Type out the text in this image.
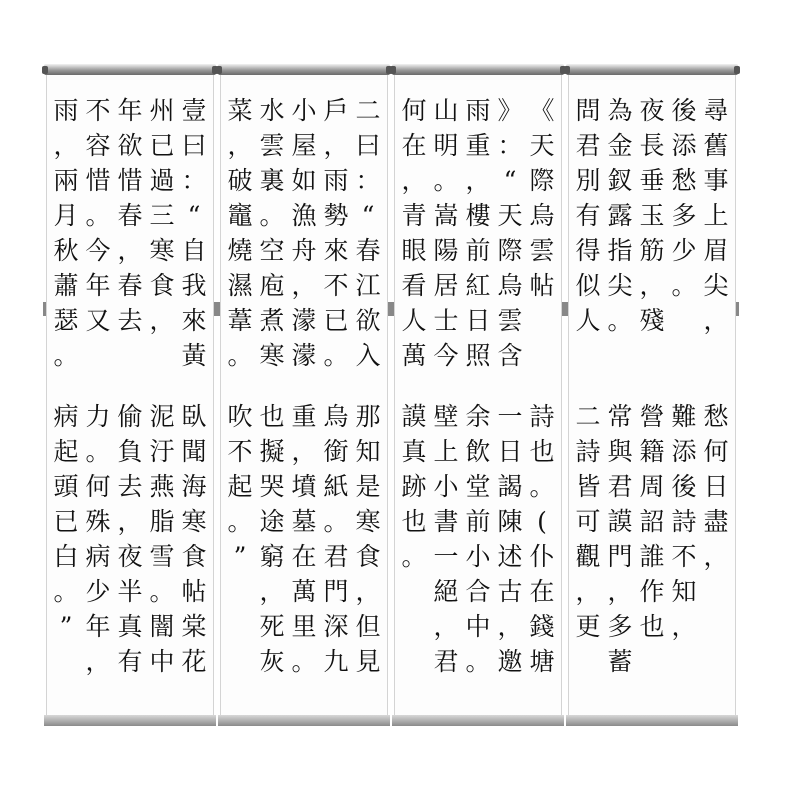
壹
曰
：
“
自
我
來
黃
州
已
過
三
寒
食
，
年
欲
惜
春
，
春
去
不
容
惜
。
今
年
又
雨
，
兩
月
秋
蕭
瑟
。
臥
聞
海
寒
食
帖
棠
花
泥
汙
燕
脂
雪
。
闇
中
偷
負
去
，
夜
半
真
有
力
。
何
殊
病
少
年
，
病
起
頭
已
白
。
”
二
曰
：
“
春
江
欲
入
戶
，
雨
勢
來
不
已
。
小
屋
如
漁
舟
，
濛
濛
水
雲
裏
。
空
庖
煮
寒
菜
，
破
竈
燒
濕
葦
。
那
知
是
寒
食
，
但
見
烏
銜
紙
。
君
門
深
九
重
，
墳
墓
在
萬
里
。
也
擬
哭
途
窮
，
死
灰
吹
不
起
。
”
《
天
際
烏
雲
帖
》
：
“
天
際
烏
雲
含
雨
重
，
樓
前
紅
日
照
山
明
。
嵩
陽
居
士
今
何
在
，
青
眼
看
人
萬
詩
也
。
(
仆
在
錢
塘
一
日
謁
陳
述
古
，
邀
余
飲
堂
前
小
合
中
。
壁
上
小
書
一
絕
，
君
謨
真
跡
也
。
尋
舊
事
上
眉
尖
，
後
添
愁
多
少
。
夜
長
垂
玉
筋
，
殘
為
金
釵
露
指
尖
。
問
君
別
有
得
似
人
愁
何
日
盡
，
難
添
後
詩
不
知
，
營
籍
周
詔
誰
作
也
常
與
君
謨
門
，
多
蓄
二
詩
皆
可
觀
，
更
